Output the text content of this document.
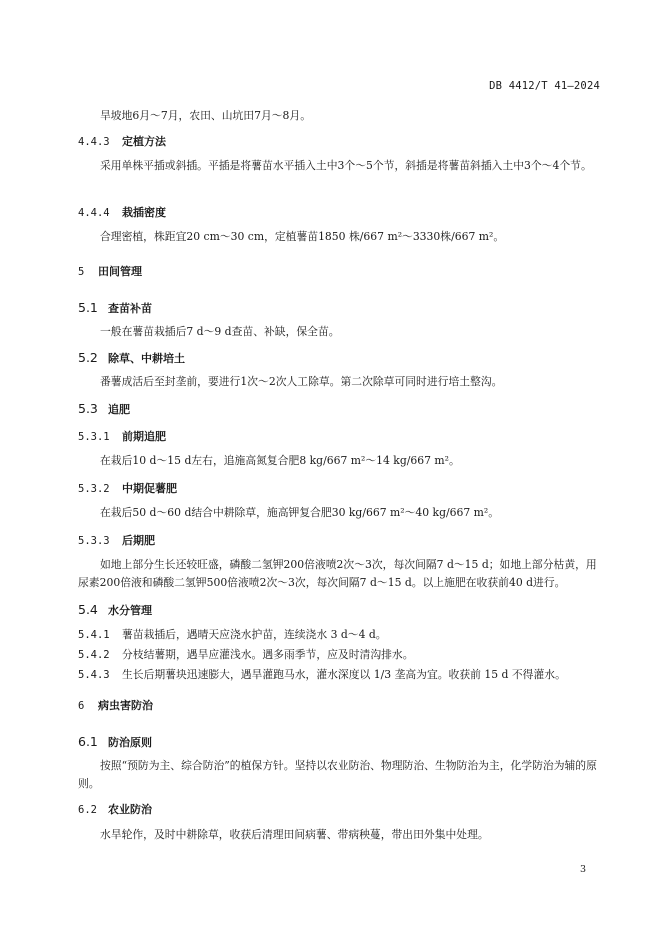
DB 4412/T 41—2024
旱坡地6月～7月，农田、山坑田7月～8月。
4.4.3	定植方法
采用单株平插或斜插。平插是将薯苗水平插入土中3个～5个节，斜插是将薯苗斜插入土中3个～4个节。
4.4.4	栽插密度
合理密植，株距宜20 cm～30 cm，定植薯苗1850 株/667 m²～3330株/667 m²。
5	田间管理
5.1 查苗补苗
一般在薯苗栽插后7 d～9 d查苗、补缺，保全苗。
5.2 除草、中耕培土
番薯成活后至封垄前，要进行1次～2次人工除草。第二次除草可同时进行培土整沟。
5.3 追肥
5.3.1	前期追肥
在栽后10 d～15 d左右，追施高氮复合肥8 kg/667 m²～14 kg/667 m²。
5.3.2	中期促薯肥
在栽后50 d～60 d结合中耕除草，施高钾复合肥30 kg/667 m²～40 kg/667 m²。
5.3.3	后期肥
如地上部分生长还较旺盛，磷酸二氢钾200倍液喷2次～3次，每次间隔7 d～15 d；如地上部分枯黄，用尿素200倍液和磷酸二氢钾500倍液喷2次～3次，每次间隔7 d～15 d。以上施肥在收获前40 d进行。
5.4 水分管理
5.4.1	薯苗栽插后，遇晴天应浇水护苗，连续浇水 3 d～4 d。
5.4.2	分枝结薯期，遇旱应灌浅水。遇多雨季节，应及时清沟排水。
5.4.3	生长后期薯块迅速膨大，遇旱灌跑马水，灌水深度以 1/3 垄高为宜。收获前 15 d 不得灌水。
6	病虫害防治
6.1 防治原则
按照“预防为主、综合防治”的植保方针。坚持以农业防治、物理防治、生物防治为主，化学防治为辅的原则。
6.2	农业防治
水旱轮作，及时中耕除草，收获后清理田间病薯、带病秧蔓，带出田外集中处理。
3
